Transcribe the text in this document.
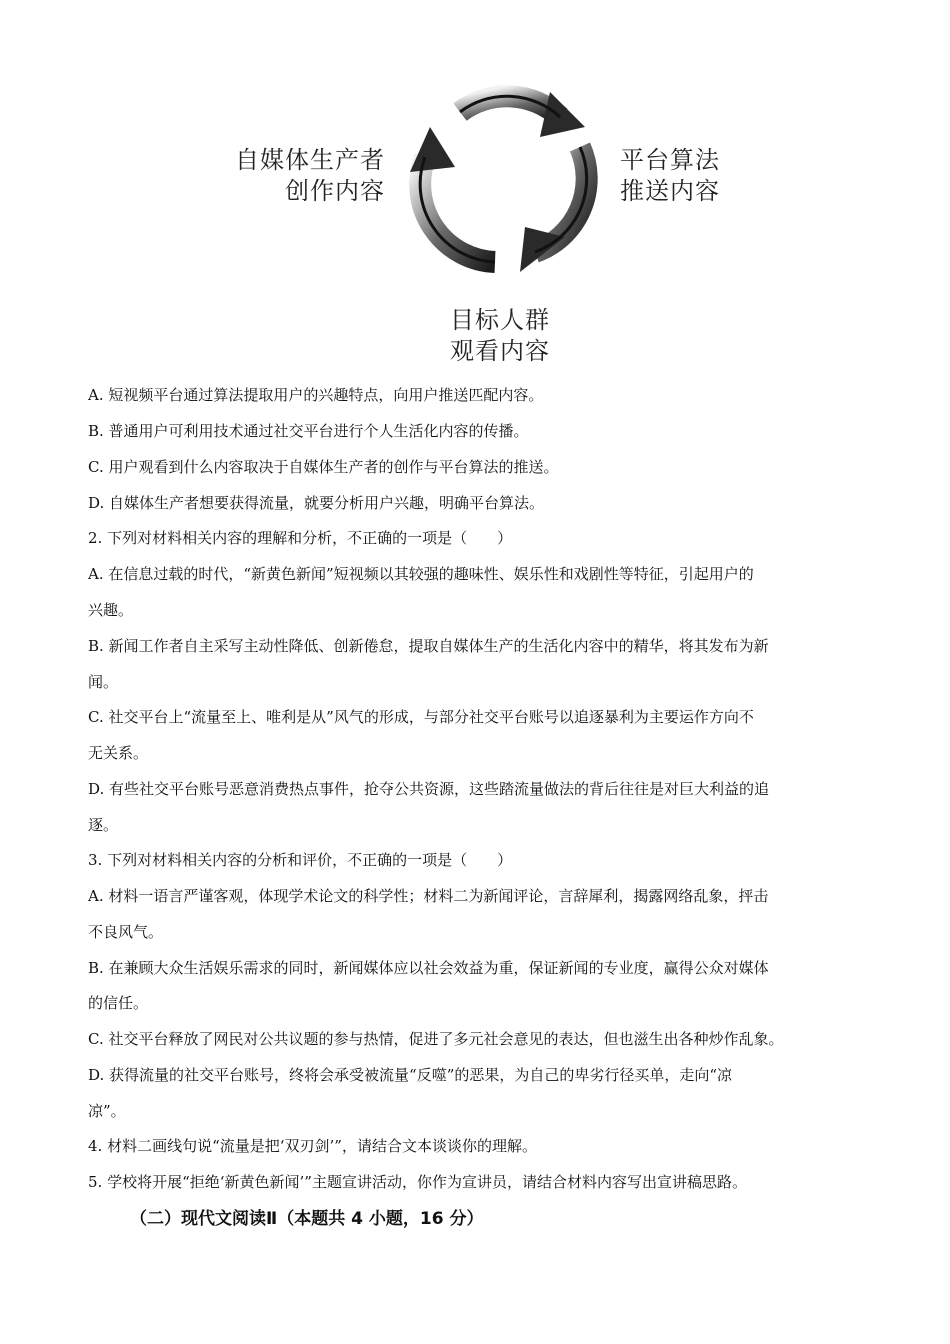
自媒体生产者
创作内容
平台算法
推送内容
目标人群
观看内容
A. 短视频平台通过算法提取用户的兴趣特点，向用户推送匹配内容。
B. 普通用户可利用技术通过社交平台进行个人生活化内容的传播。
C. 用户观看到什么内容取决于自媒体生产者的创作与平台算法的推送。
D. 自媒体生产者想要获得流量，就要分析用户兴趣，明确平台算法。
2. 下列对材料相关内容的理解和分析，不正确的一项是（　　）
A. 在信息过载的时代，“新黄色新闻”短视频以其较强的趣味性、娱乐性和戏剧性等特征，引起用户的
兴趣。
B. 新闻工作者自主采写主动性降低、创新倦怠，提取自媒体生产的生活化内容中的精华，将其发布为新
闻。
C. 社交平台上“流量至上、唯利是从”风气的形成，与部分社交平台账号以追逐暴利为主要运作方向不
无关系。
D. 有些社交平台账号恶意消费热点事件，抢夺公共资源，这些踏流量做法的背后往往是对巨大利益的追
逐。
3. 下列对材料相关内容的分析和评价，不正确的一项是（　　）
A. 材料一语言严谨客观，体现学术论文的科学性；材料二为新闻评论，言辞犀利，揭露网络乱象，抨击
不良风气。
B. 在兼顾大众生活娱乐需求的同时，新闻媒体应以社会效益为重，保证新闻的专业度，赢得公众对媒体
的信任。
C. 社交平台释放了网民对公共议题的参与热情，促进了多元社会意见的表达，但也滋生出各种炒作乱象。
D. 获得流量的社交平台账号，终将会承受被流量“反噬”的恶果，为自己的卑劣行径买单，走向“凉
凉”。
4. 材料二画线句说“流量是把‘双刃剑’”，请结合文本谈谈你的理解。
5. 学校将开展“拒绝‘新黄色新闻’”主题宣讲活动，你作为宣讲员，请结合材料内容写出宣讲稿思路。
（二）现代文阅读Ⅱ（本题共 4 小题，16 分）
